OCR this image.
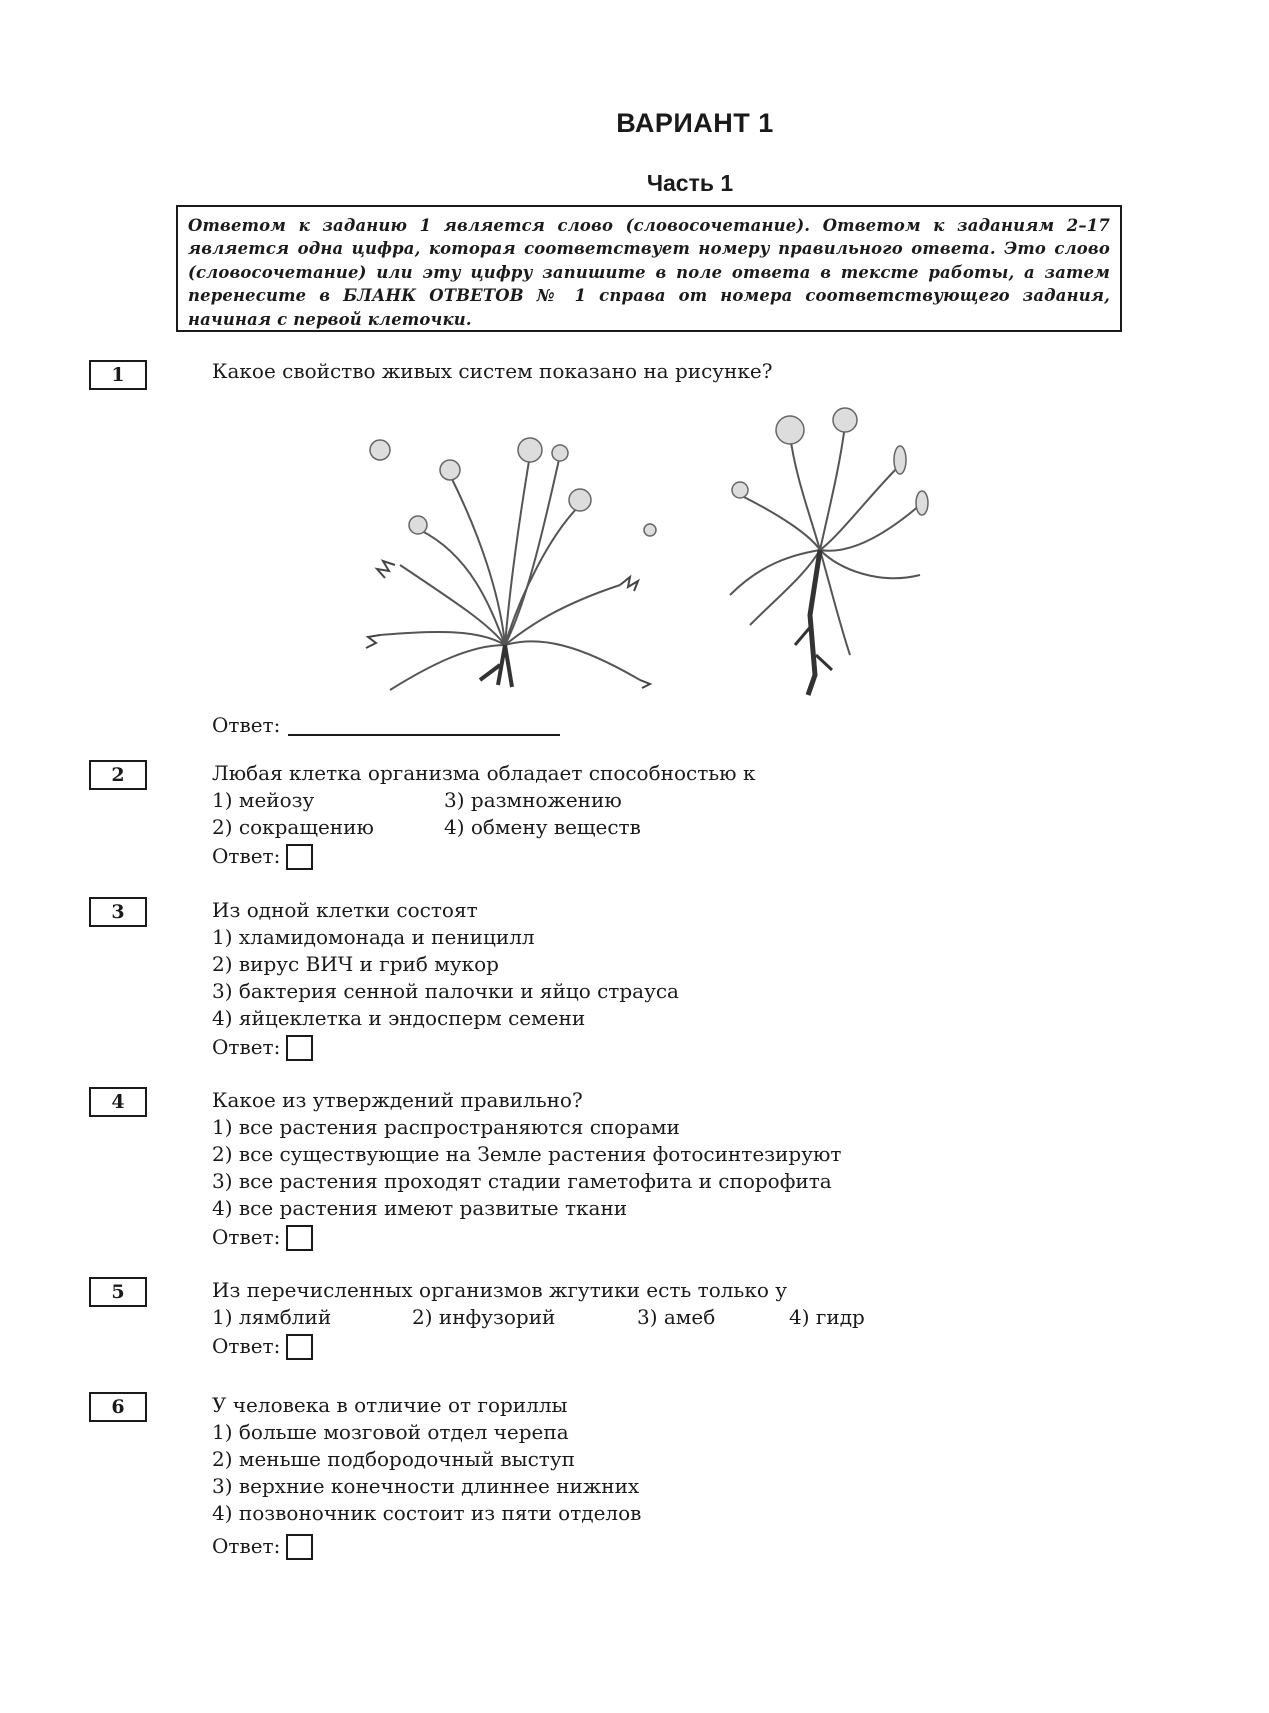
ВАРИАНТ 1
Часть 1
Ответом к заданию 1 является слово (словосочетание). Ответом к заданиям 2–17 является одна цифра, которая соответствует номеру правильного ответа. Это слово (словосочетание) или эту цифру запишите в поле ответа в тексте работы, а затем перенесите в БЛАНК ОТВЕТОВ № 1 справа от номера соответствующего задания, начиная с первой клеточки.
1	Какое свойство живых систем показано на рисунке?
Ответ:
2	Любая клетка организма обладает способностью к
1) мейозу	3) размножению
2) сокращению	4) обмену веществ
Ответ:
3	Из одной клетки состоят
1) хламидомонада и пеницилл
2) вирус ВИЧ и гриб мукор
3) бактерия сенной палочки и яйцо страуса
4) яйцеклетка и эндосперм семени
Ответ:
4	Какое из утверждений правильно?
1) все растения распространяются спорами
2) все существующие на Земле растения фотосинтезируют
3) все растения проходят стадии гаметофита и спорофита
4) все растения имеют развитые ткани
Ответ:
5	Из перечисленных организмов жгутики есть только у
1) лямблий	2) инфузорий	3) амеб	4) гидр
Ответ:
6	У человека в отличие от гориллы
1) больше мозговой отдел черепа
2) меньше подбородочный выступ
3) верхние конечности длиннее нижних
4) позвоночник состоит из пяти отделов
Ответ:
